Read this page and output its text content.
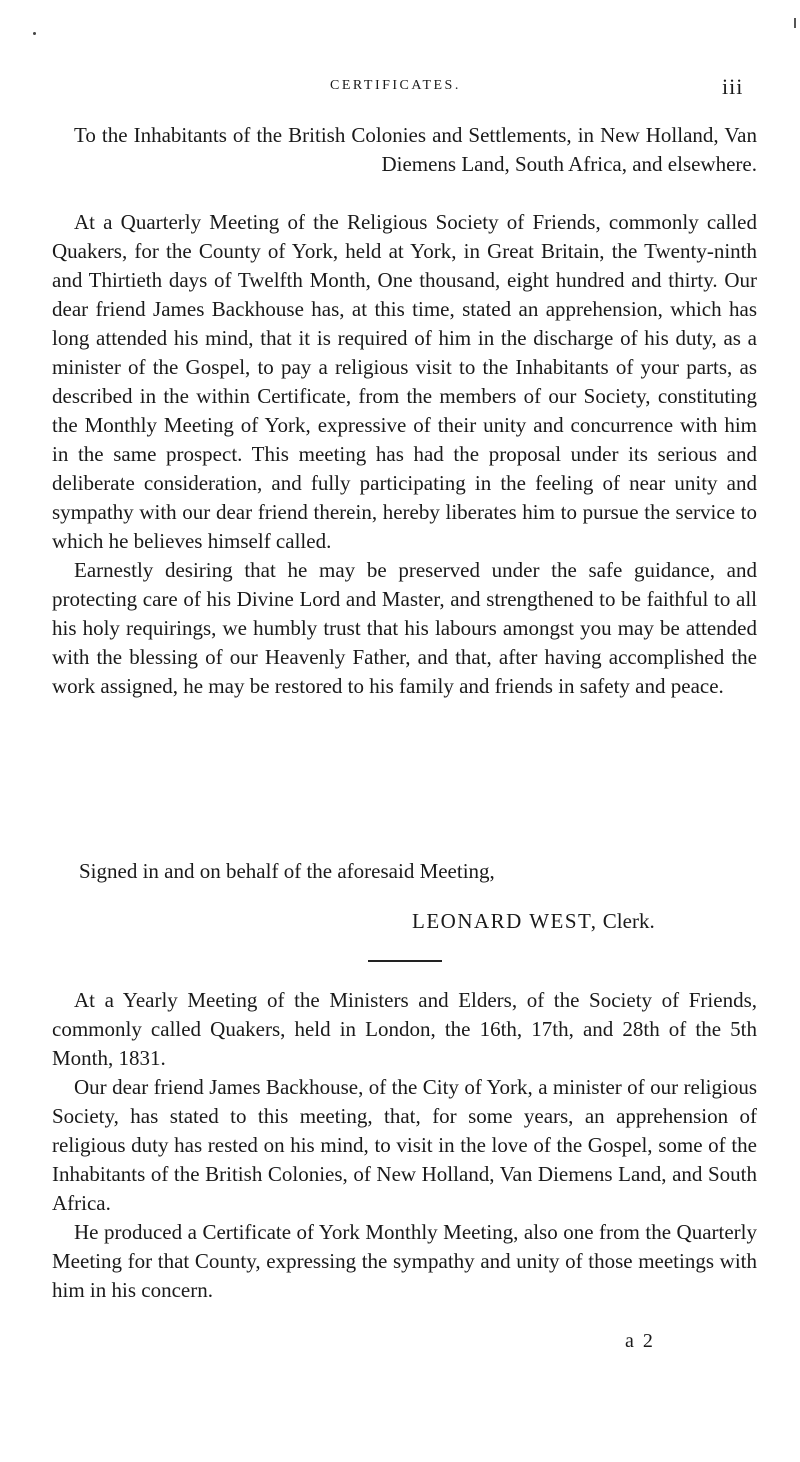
CERTIFICATES.	iii

To the Inhabitants of the British Colonies and Settlements, in New Holland, Van Diemens Land, South Africa, and elsewhere.

At a Quarterly Meeting of the Religious Society of Friends, commonly called Quakers, for the County of York, held at York, in Great Britain, the Twenty-ninth and Thirtieth days of Twelfth Month, One thousand, eight hundred and thirty. Our dear friend James Backhouse has, at this time, stated an apprehension, which has long attended his mind, that it is required of him in the discharge of his duty, as a minister of the Gospel, to pay a religious visit to the Inhabitants of your parts, as described in the within Certificate, from the members of our Society, constituting the Monthly Meeting of York, expressive of their unity and concurrence with him in the same prospect. This meeting has had the proposal under its serious and deliberate consideration, and fully participating in the feeling of near unity and sympathy with our dear friend therein, hereby liberates him to pursue the service to which he believes himself called.

Earnestly desiring that he may be preserved under the safe guidance, and protecting care of his Divine Lord and Master, and strengthened to be faithful to all his holy requirings, we humbly trust that his labours amongst you may be attended with the blessing of our Heavenly Father, and that, after having accomplished the work assigned, he may be restored to his family and friends in safety and peace.

Signed in and on behalf of the aforesaid Meeting,
LEONARD WEST, Clerk.

At a Yearly Meeting of the Ministers and Elders, of the Society of Friends, commonly called Quakers, held in London, the 16th, 17th, and 28th of the 5th Month, 1831.

Our dear friend James Backhouse, of the City of York, a minister of our religious Society, has stated to this meeting, that, for some years, an apprehension of religious duty has rested on his mind, to visit in the love of the Gospel, some of the Inhabitants of the British Colonies, of New Holland, Van Diemens Land, and South Africa.

He produced a Certificate of York Monthly Meeting, also one from the Quarterly Meeting for that County, expressing the sympathy and unity of those meetings with him in his concern.

a 2
